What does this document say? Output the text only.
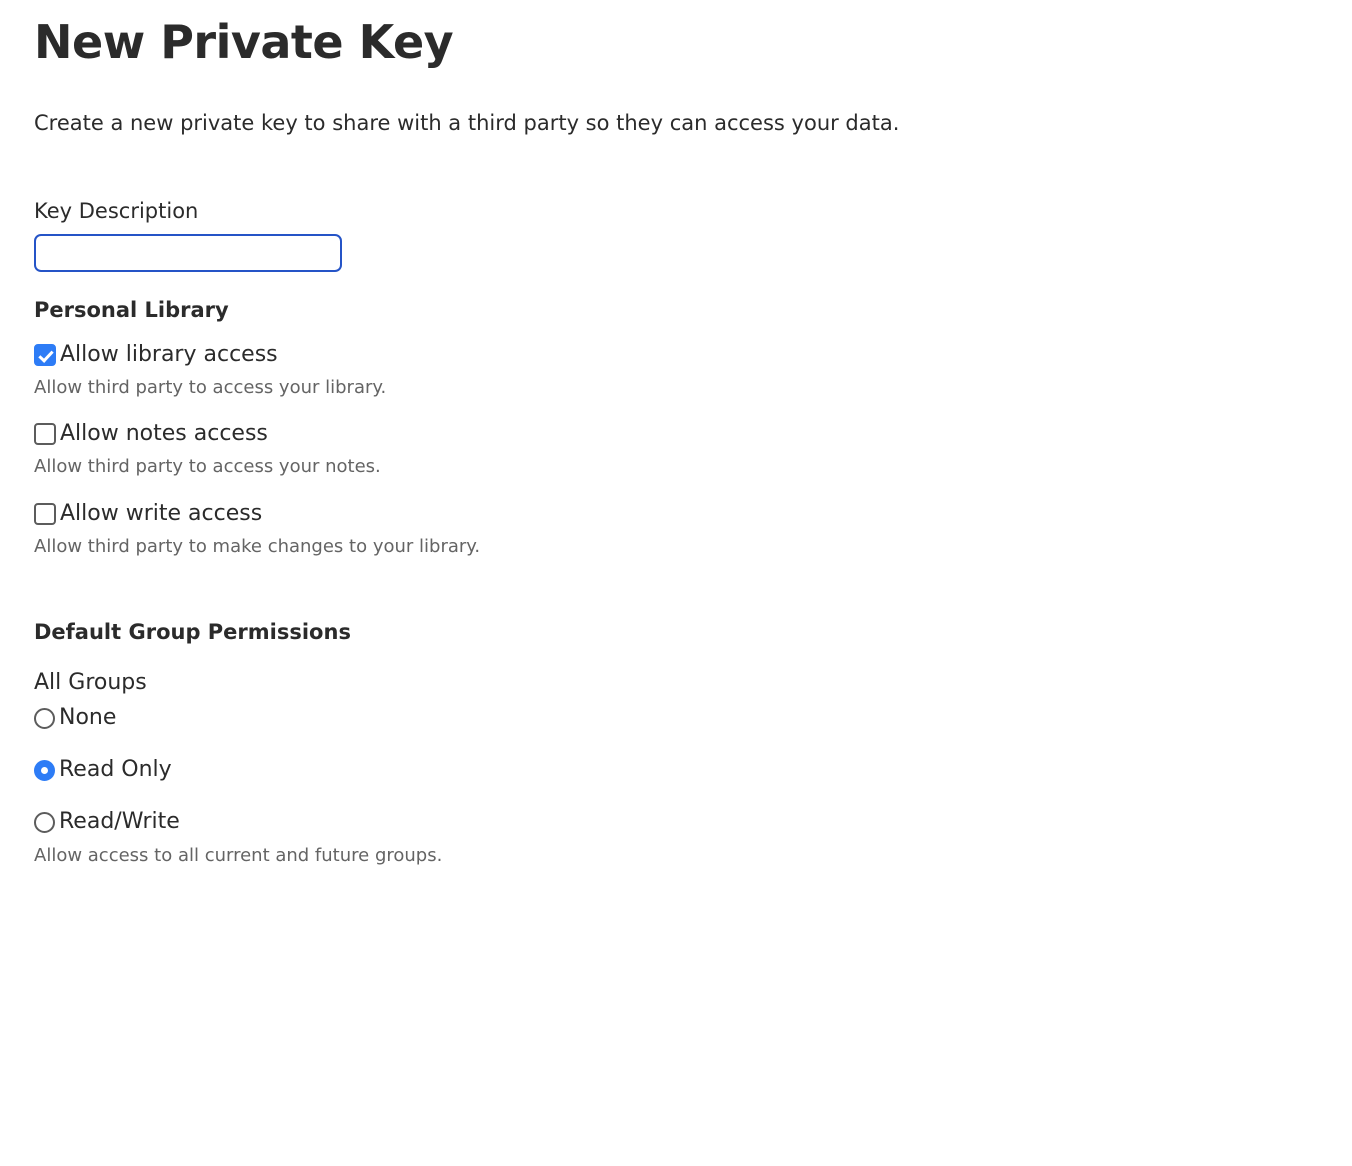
New Private Key
Create a new private key to share with a third party so they can access your data.
Key Description
Personal Library
Allow library access
Allow third party to access your library.
Allow notes access
Allow third party to access your notes.
Allow write access
Allow third party to make changes to your library.
Default Group Permissions
All Groups
None
Read Only
Read/Write
Allow access to all current and future groups.
